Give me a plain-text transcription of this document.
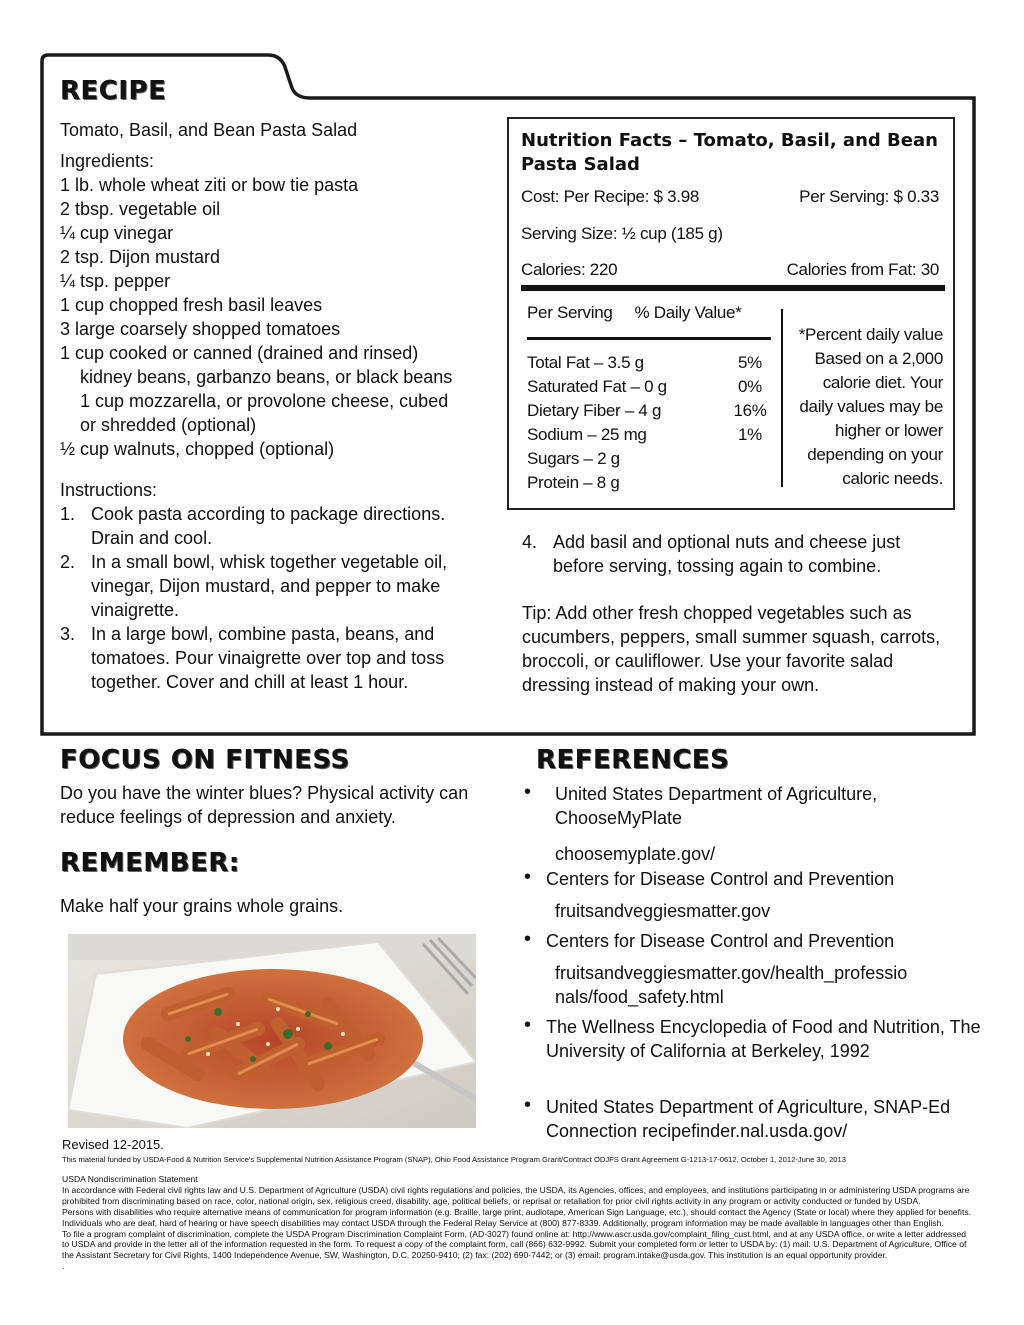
RECIPE
Tomato, Basil, and Bean Pasta Salad
Ingredients:
1 lb. whole wheat ziti or bow tie pasta
2 tbsp. vegetable oil
¼ cup vinegar
2 tsp. Dijon mustard
¼ tsp. pepper
1 cup chopped fresh basil leaves
3 large coarsely shopped tomatoes
1 cup cooked or canned (drained and rinsed)
kidney beans, garbanzo beans, or black beans
1 cup mozzarella, or provolone cheese, cubed
or shredded (optional)
½ cup walnuts, chopped (optional)
Instructions:
1. Cook pasta according to package directions. Drain and cool.
2. In a small bowl, whisk together vegetable oil, vinegar, Dijon mustard, and pepper to make vinaigrette.
3. In a large bowl, combine pasta, beans, and tomatoes. Pour vinaigrette over top and toss together. Cover and chill at least 1 hour.
Nutrition Facts – Tomato, Basil, and Bean Pasta Salad
Cost: Per Recipe: $ 3.98	Per Serving: $ 0.33
Serving Size: ½ cup (185 g)
Calories: 220	Calories from Fat: 30
Per Serving % Daily Value*
Total Fat – 3.5 g	5%
Saturated Fat – 0 g	0%
Dietary Fiber – 4 g	16%
Sodium – 25 mg	1%
Sugars – 2 g
Protein – 8 g
*Percent daily value Based on a 2,000 calorie diet. Your daily values may be higher or lower depending on your caloric needs.
4. Add basil and optional nuts and cheese just before serving, tossing again to combine.
Tip: Add other fresh chopped vegetables such as cucumbers, peppers, small summer squash, carrots, broccoli, or cauliflower. Use your favorite salad dressing instead of making your own.
FOCUS ON FITNESS
Do you have the winter blues? Physical activity can reduce feelings of depression and anxiety.
REMEMBER:
Make half your grains whole grains.
REFERENCES
•	United States Department of Agriculture, ChooseMyPlate
choosemyplate.gov/
• Centers for Disease Control and Prevention
fruitsandveggiesmatter.gov
• Centers for Disease Control and Prevention
fruitsandveggiesmatter.gov/health_professionals/food_safety.html
• The Wellness Encyclopedia of Food and Nutrition, The University of California at Berkeley, 1992
• United States Department of Agriculture, SNAP-Ed Connection recipefinder.nal.usda.gov/
Revised 12-2015.
This material funded by USDA-Food & Nutrition Service's Supplemental Nutrition Assistance Program (SNAP), Ohio Food Assistance Program Grant/Contract ODJFS Grant Agreement G-1213-17-0612, October 1, 2012-June 30, 2013

USDA Nondiscrimination Statement

In accordance with Federal civil rights law and U.S. Department of Agriculture (USDA) civil rights regulations and policies, the USDA, its Agencies, offices, and employees, and institutions participating in or administering USDA programs are prohibited from discriminating based on race, color, national origin, sex, religious creed, disability, age, political beliefs, or reprisal or retaliation for prior civil rights activity in any program or activity conducted or funded by USDA.

Persons with disabilities who require alternative means of communication for program information (e.g. Braille, large print, audiotape, American Sign Language, etc.), should contact the Agency (State or local) where they applied for benefits. Individuals who are deaf, hard of hearing or have speech disabilities may contact USDA through the Federal Relay Service at (800) 877-8339. Additionally, program information may be made available in languages other than English.

To file a program complaint of discrimination, complete the USDA Program Discrimination Complaint Form, (AD-3027) found online at: http://www.ascr.usda.gov/complaint_filing_cust.html, and at any USDA office, or write a letter addressed to USDA and provide in the letter all of the information requested in the form. To request a copy of the complaint form, call (866) 632-9992. Submit your completed form or letter to USDA by: (1) mail: U.S. Department of Agriculture, Office of the Assistant Secretary for Civil Rights, 1400 Independence Avenue, SW, Washington, D.C. 20250-9410; (2) fax: (202) 690-7442; or (3) email: program.intake@usda.gov. This institution is an equal opportunity provider.

.
